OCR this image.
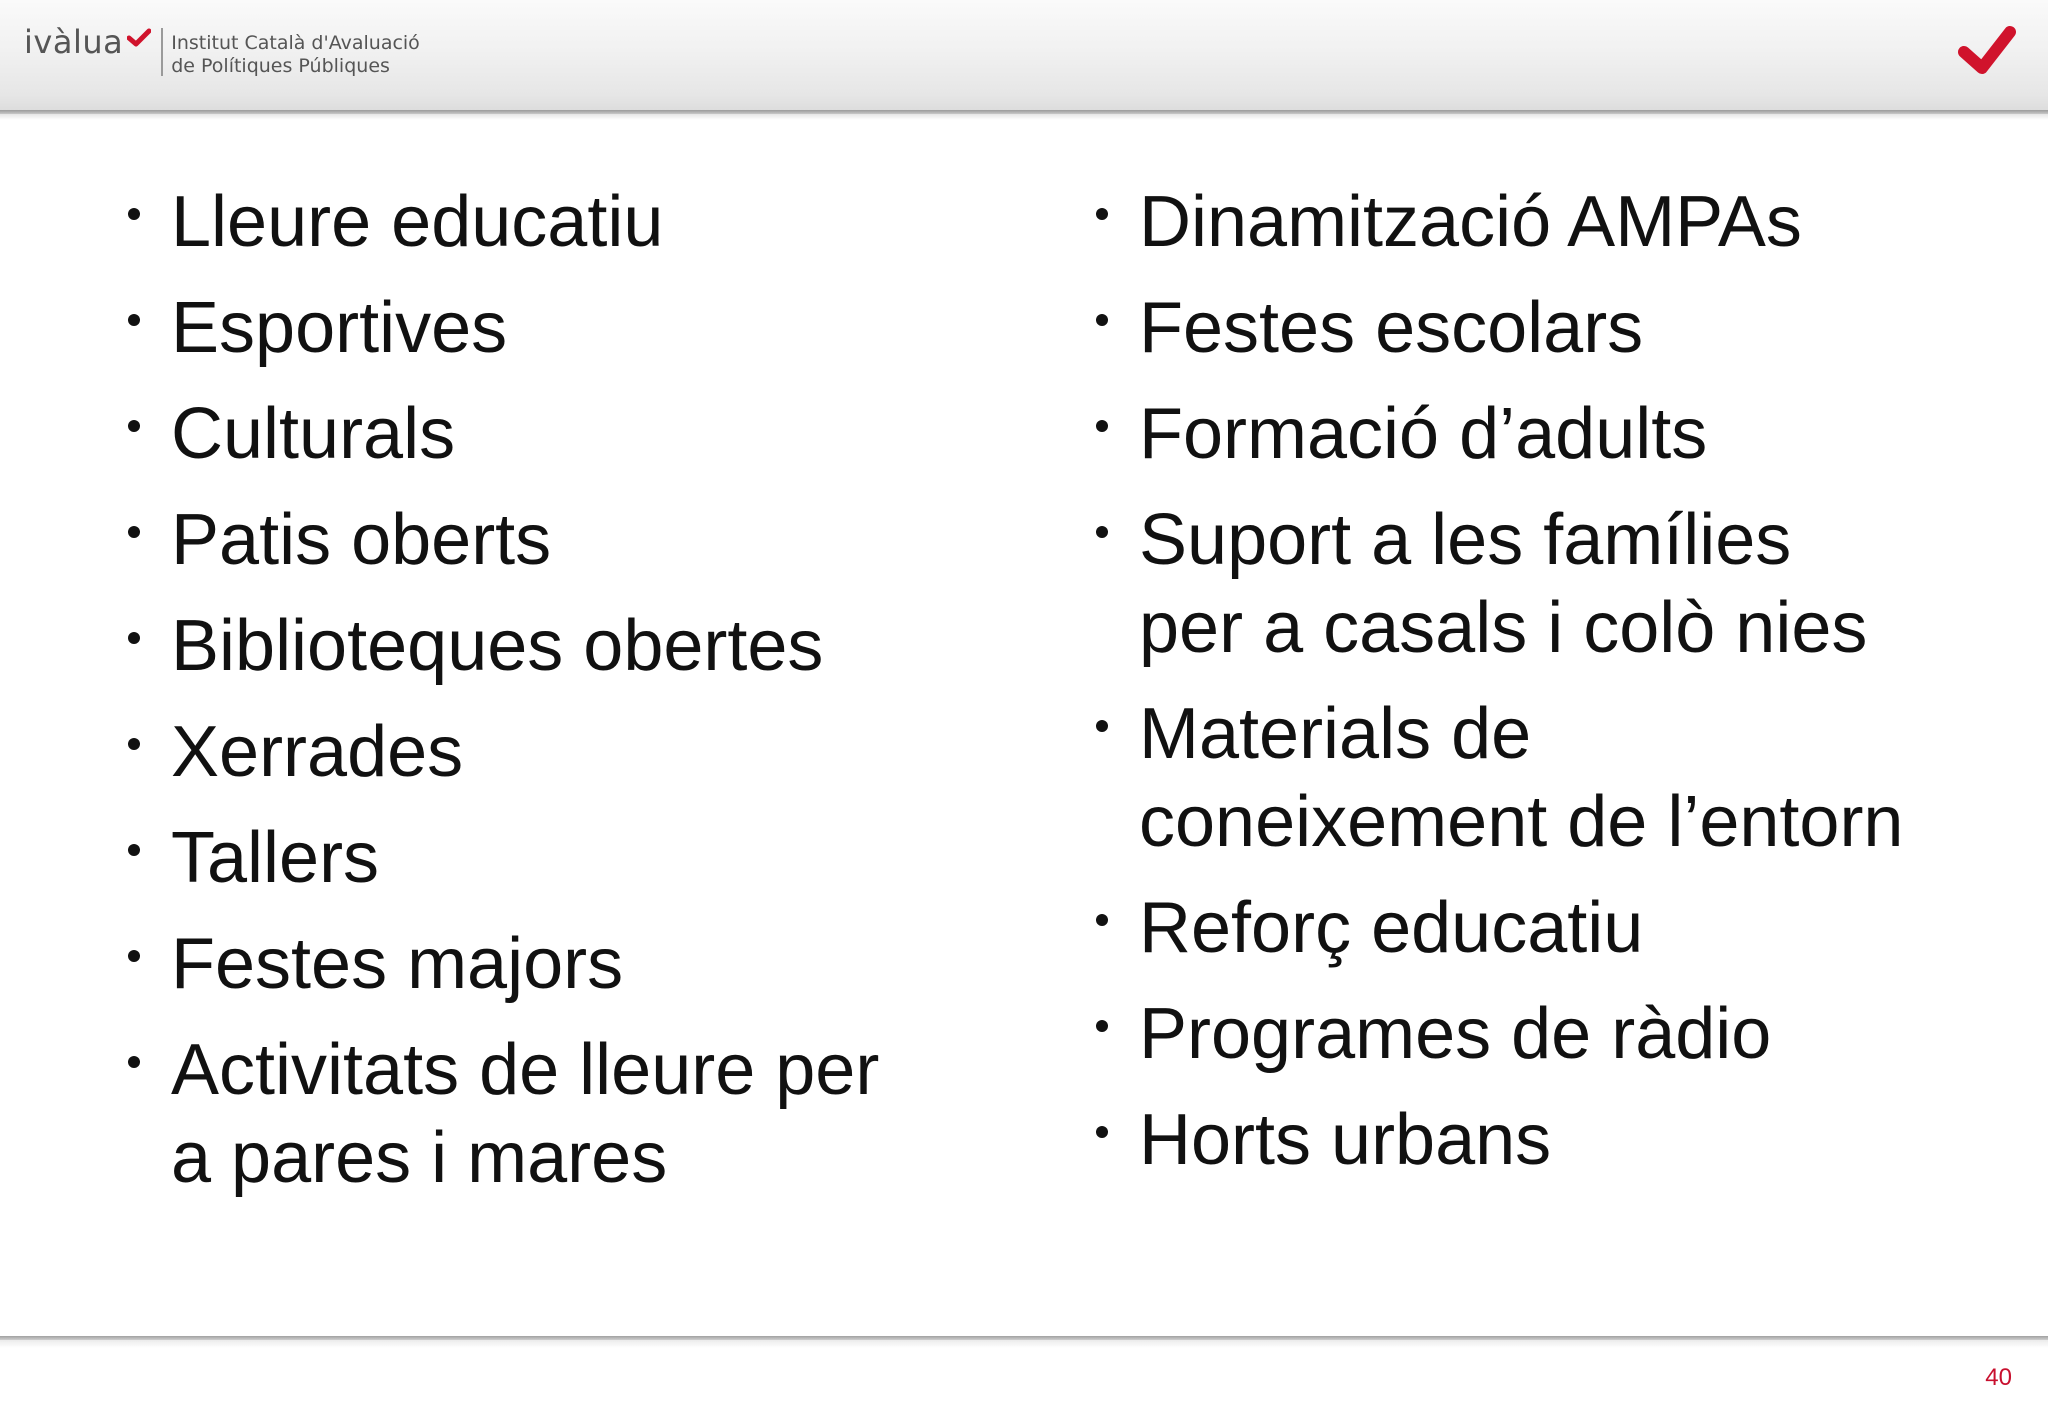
ivàlua	Institut Català d'Avaluació
de Polítiques Públiques
Lleure educatiu
Esportives
Culturals
Patis oberts
Biblioteques obertes
Xerrades
Tallers
Festes majors
Activitats de lleure per
a pares i mares
Dinamització AMPAs
Festes escolars
Formació d’adults
Suport a les famílies
per a casals i colò nies
Materials de
coneixement de l’entorn
Reforç educatiu
Programes de ràdio
Horts urbans
40
